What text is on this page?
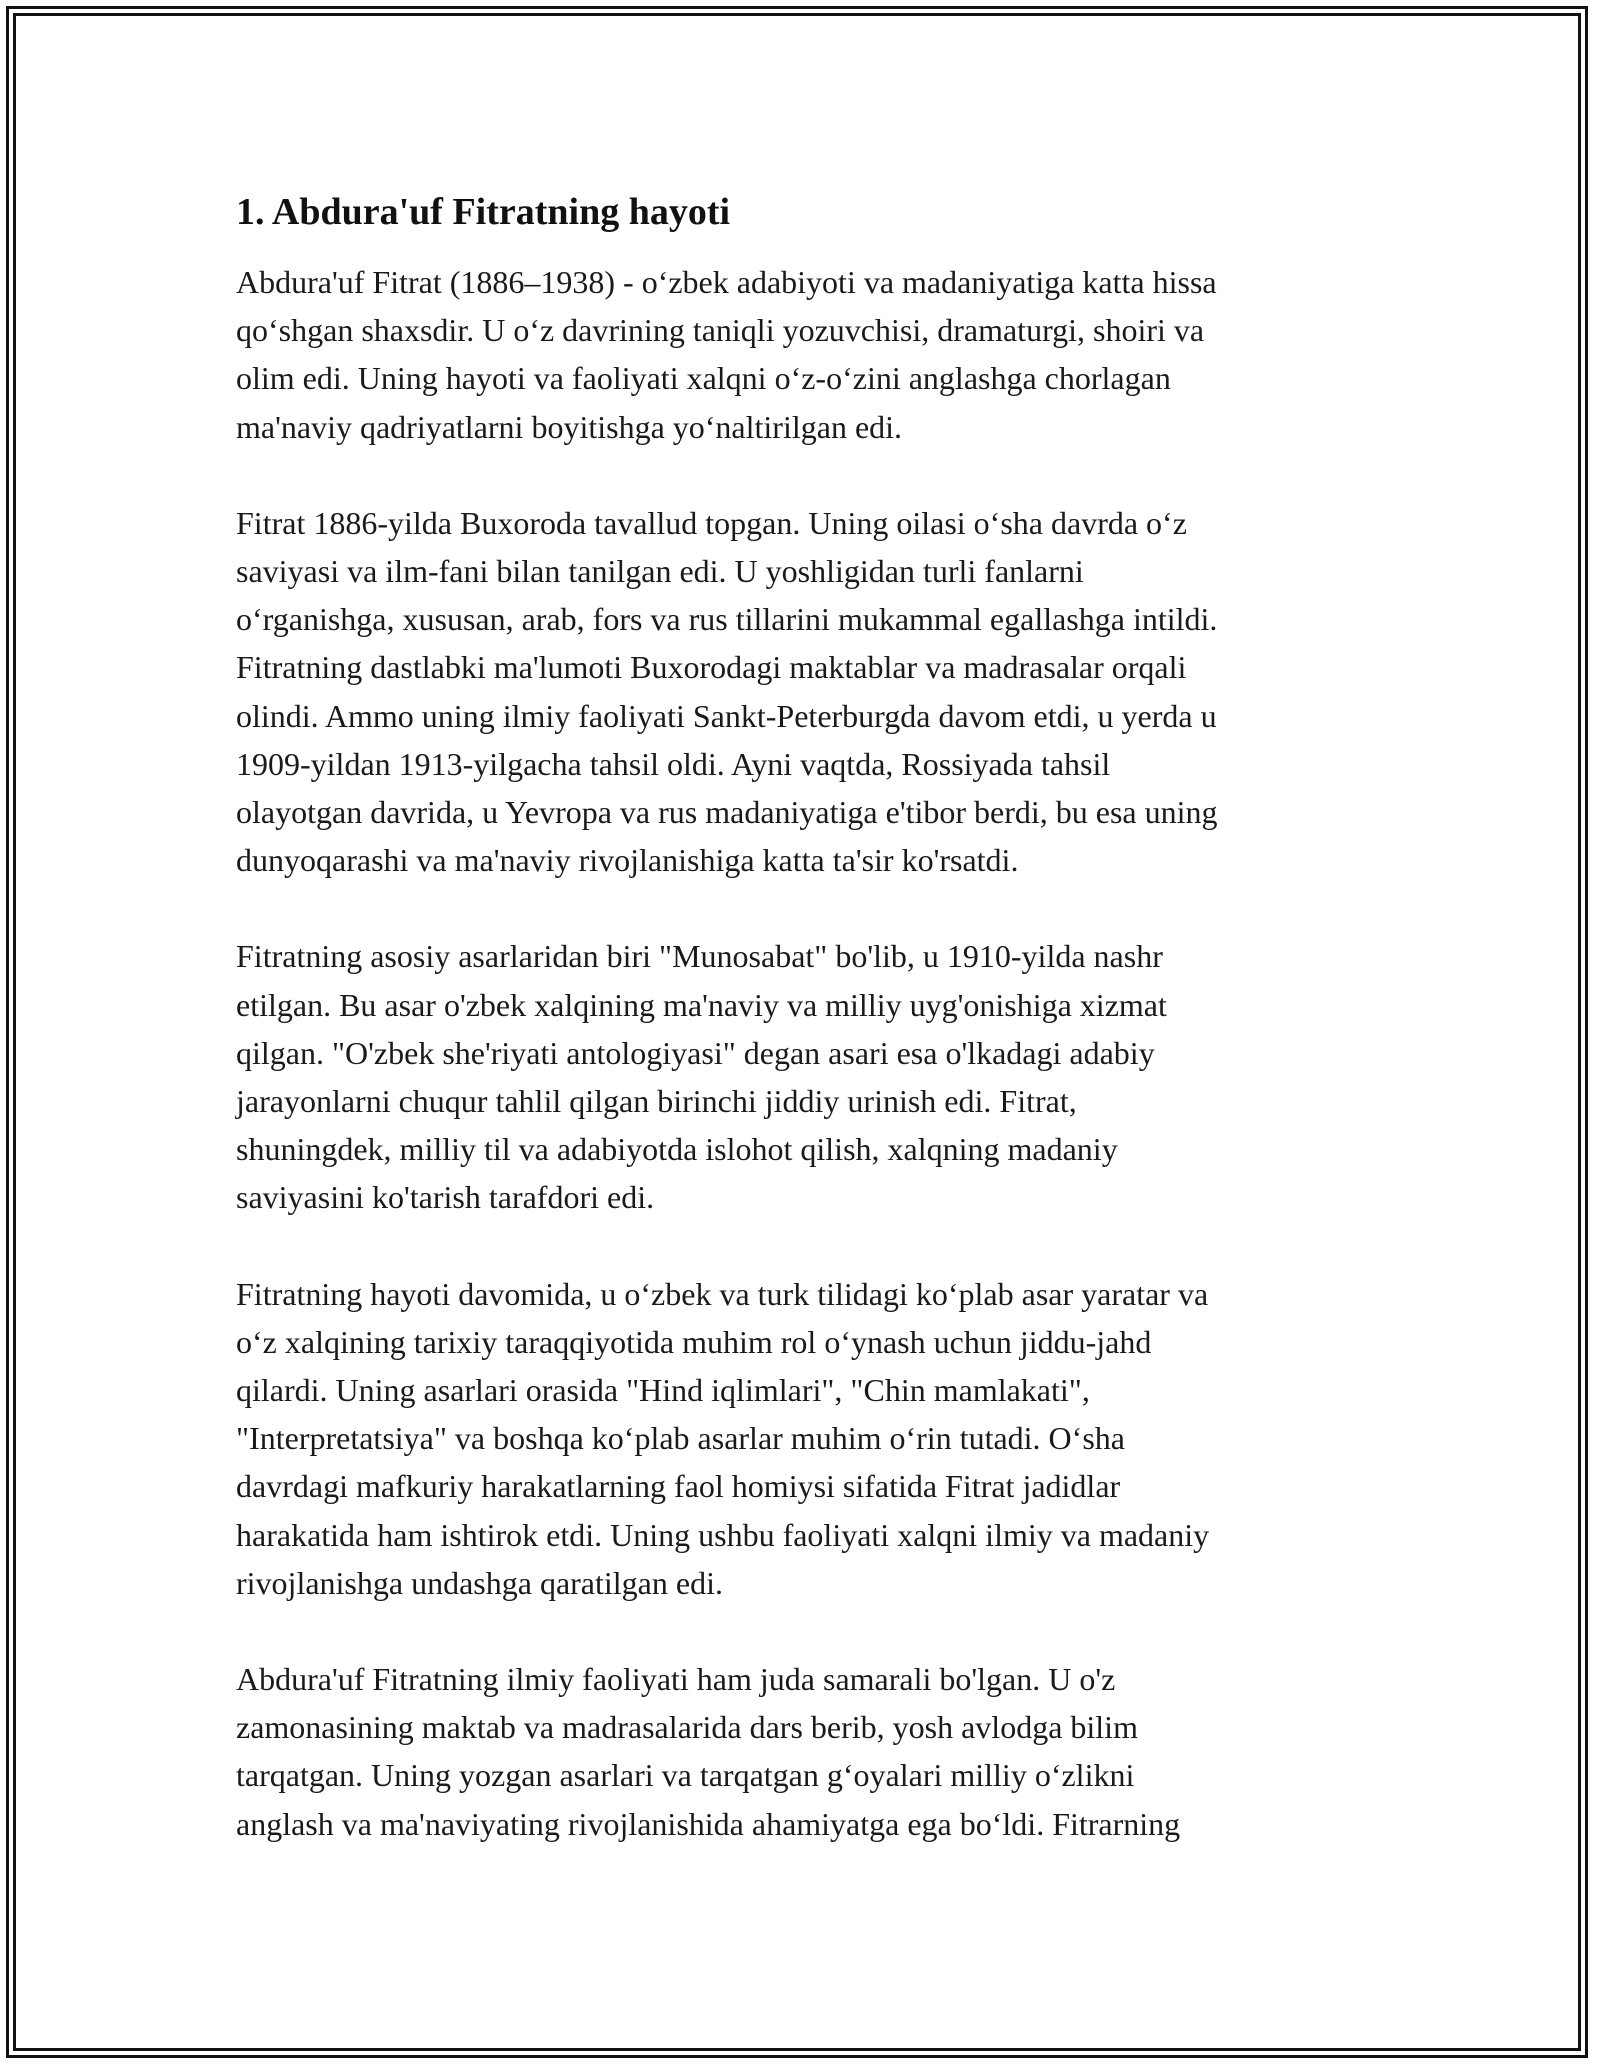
1. Abdura'uf Fitratning hayoti

Abdura'uf Fitrat (1886–1938) - o‘zbek adabiyoti va madaniyatiga katta hissa
qo‘shgan shaxsdir. U o‘z davrining taniqli yozuvchisi, dramaturgi, shoiri va
olim edi. Uning hayoti va faoliyati xalqni o‘z-o‘zini anglashga chorlagan
ma'naviy qadriyatlarni boyitishga yo‘naltirilgan edi.

Fitrat 1886-yilda Buxoroda tavallud topgan. Uning oilasi o‘sha davrda o‘z
saviyasi va ilm-fani bilan tanilgan edi. U yoshligidan turli fanlarni
o‘rganishga, xususan, arab, fors va rus tillarini mukammal egallashga intildi.
Fitratning dastlabki ma'lumoti Buxorodagi maktablar va madrasalar orqali
olindi. Ammo uning ilmiy faoliyati Sankt-Peterburgda davom etdi, u yerda u
1909-yildan 1913-yilgacha tahsil oldi. Ayni vaqtda, Rossiyada tahsil
olayotgan davrida, u Yevropa va rus madaniyatiga e'tibor berdi, bu esa uning
dunyoqarashi va ma'naviy rivojlanishiga katta ta'sir ko'rsatdi.

Fitratning asosiy asarlaridan biri "Munosabat" bo'lib, u 1910-yilda nashr
etilgan. Bu asar o'zbek xalqining ma'naviy va milliy uyg'onishiga xizmat
qilgan. "O'zbek she'riyati antologiyasi" degan asari esa o'lkadagi adabiy
jarayonlarni chuqur tahlil qilgan birinchi jiddiy urinish edi. Fitrat,
shuningdek, milliy til va adabiyotda islohot qilish, xalqning madaniy
saviyasini ko'tarish tarafdori edi.

Fitratning hayoti davomida, u o‘zbek va turk tilidagi ko‘plab asar yaratar va
o‘z xalqining tarixiy taraqqiyotida muhim rol o‘ynash uchun jiddu-jahd
qilardi. Uning asarlari orasida "Hind iqlimlari", "Chin mamlakati",
"Interpretatsiya" va boshqa ko‘plab asarlar muhim o‘rin tutadi. O‘sha
davrdagi mafkuriy harakatlarning faol homiysi sifatida Fitrat jadidlar
harakatida ham ishtirok etdi. Uning ushbu faoliyati xalqni ilmiy va madaniy
rivojlanishga undashga qaratilgan edi.

Abdura'uf Fitratning ilmiy faoliyati ham juda samarali bo'lgan. U o'z
zamonasining maktab va madrasalarida dars berib, yosh avlodga bilim
tarqatgan. Uning yozgan asarlari va tarqatgan g‘oyalari milliy o‘zlikni
anglash va ma'naviyating rivojlanishida ahamiyatga ega bo‘ldi. Fitrarning
